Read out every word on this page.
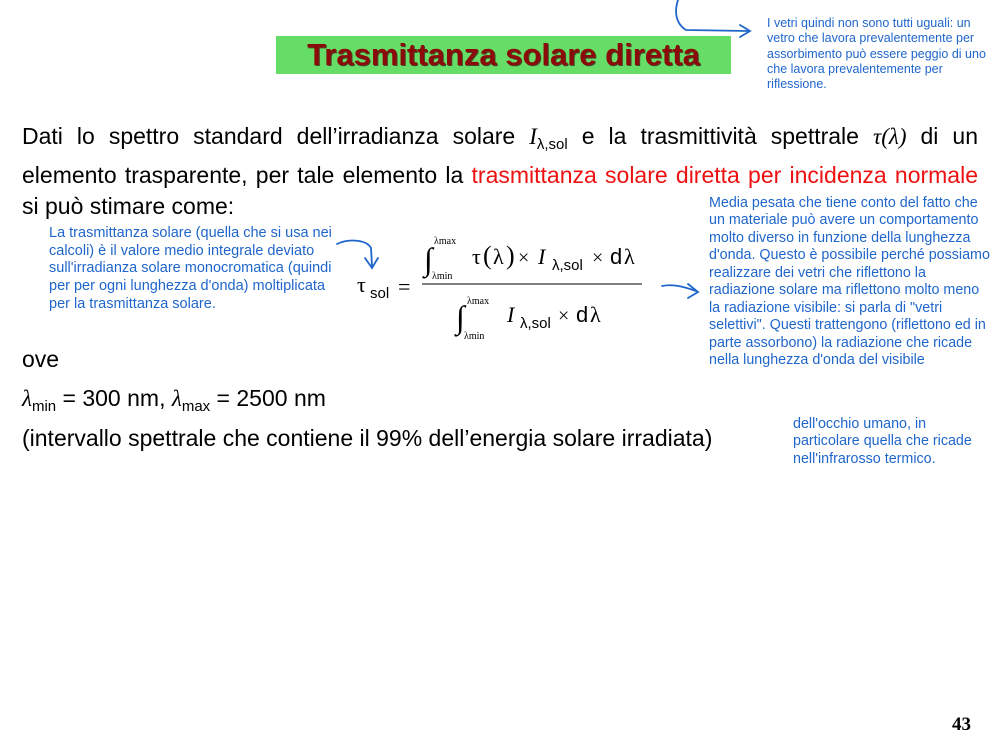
Trasmittanza solare diretta
I vetri quindi non sono tutti uguali: un vetro che lavora prevalentemente per assorbimento può essere peggio di uno che lavora prevalentemente per riflessione.
Dati lo spettro standard dell’irradianza solare $I_{\lambda,sol}$ e la trasmittività spettrale τ(λ) di un elemento trasparente, per tale elemento la trasmittanza solare diretta per incidenza normale si può stimare come:
La trasmittanza solare (quella che si usa nei calcoli) è il valore medio integrale deviato sull'irradianza solare monocromatica (quindi per per ogni lunghezza d'onda) moltiplicata per la trasmittanza solare.
τ sol =
∫ λmax
λmin
τ ( λ ) × I λ,sol × d λ
∫ λmax
λmin
I λ,sol × d λ
Media pesata che tiene conto del fatto che un materiale può avere un comportamento molto diverso in funzione della lunghezza d'onda. Questo è possibile perché possiamo realizzare dei vetri che riflettono la radiazione solare ma riflettono molto meno la radiazione visibile: si parla di "vetri selettivi". Questi trattengono (riflettono ed in parte assorbono) la radiazione che ricade nella lunghezza d'onda del visibile
dell'occhio umano, in particolare quella che ricade nell'infrarosso termico.
ove
$\lambda_{min} = 300$ nm, $\lambda_{max} = 2500$ nm
(intervallo spettrale che contiene il 99% dell’energia solare irradiata)
43
